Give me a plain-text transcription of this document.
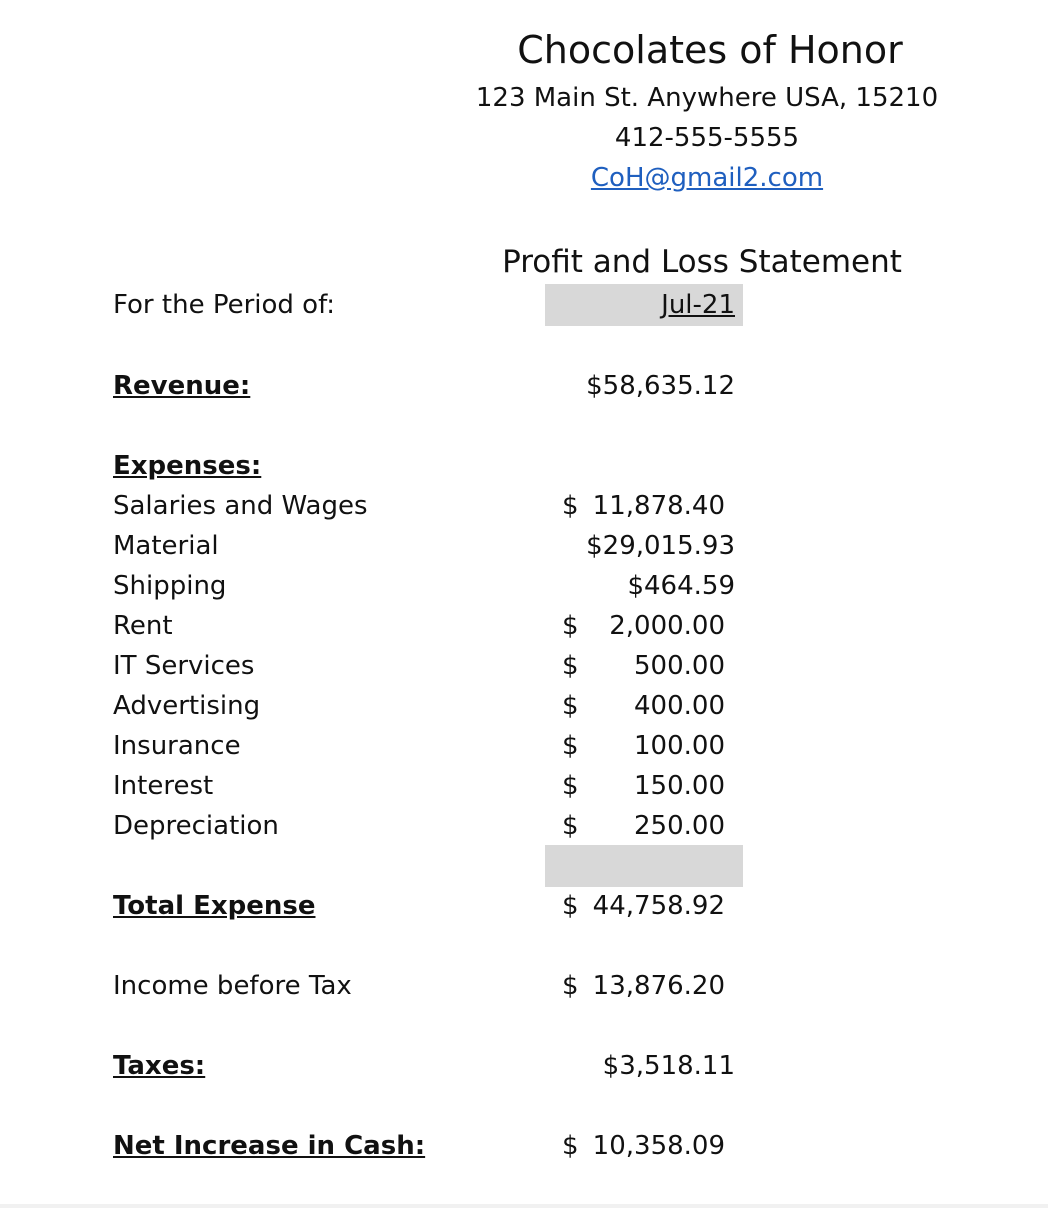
Chocolates of Honor
123 Main St. Anywhere USA, 15210
412-555-5555
CoH@gmail2.com
Profit and Loss Statement
For the Period of:	Jul-21
Revenue:	$58,635.12
Expenses:
Salaries and Wages	$ 11,878.40
Material	$29,015.93
Shipping	$464.59
Rent	$	2,000.00
IT Services	$	500.00
Advertising	$	400.00
Insurance	$	100.00
Interest	$	150.00
Depreciation	$	250.00
Total Expense	$ 44,758.92
Income before Tax	$ 13,876.20
Taxes:	$3,518.11
Net Increase in Cash:	$ 10,358.09
